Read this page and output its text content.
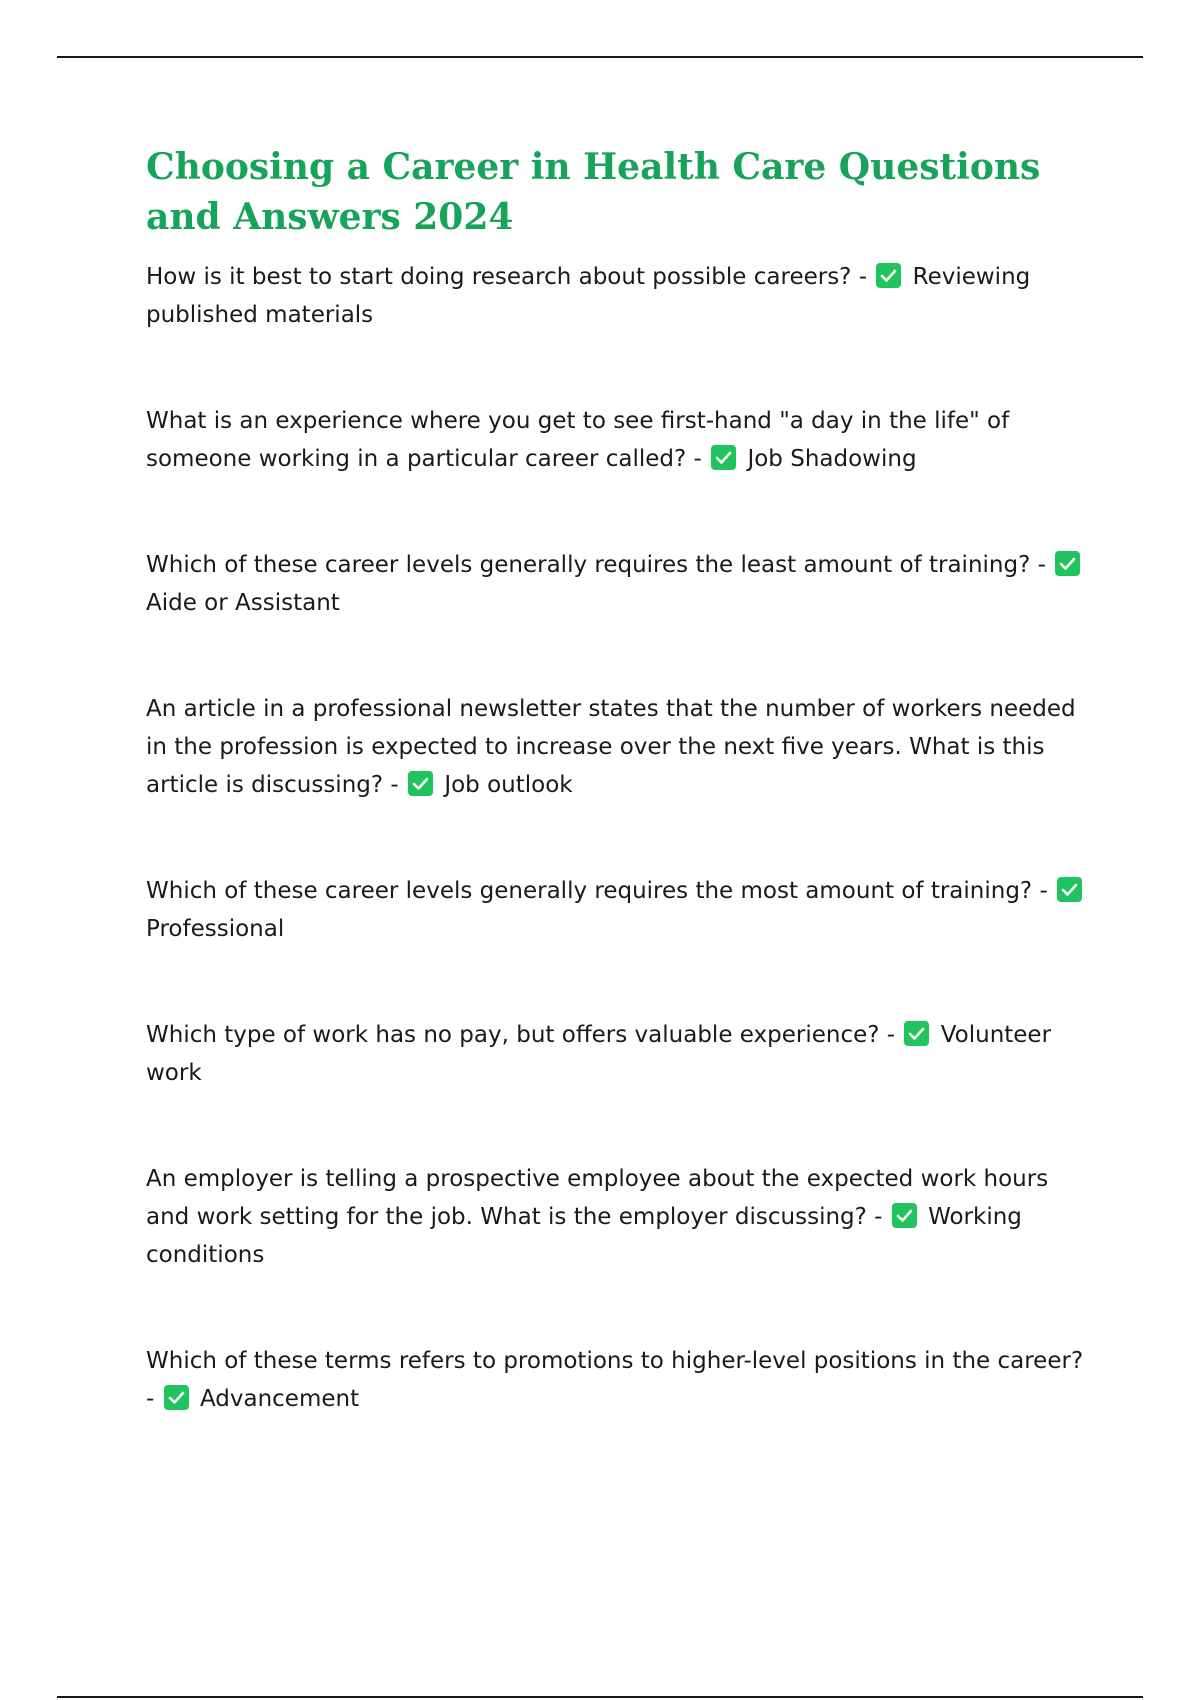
Choosing a Career in Health Care Questions and Answers 2024

How is it best to start doing research about possible careers? - Reviewing published materials

What is an experience where you get to see first-hand "a day in the life" of someone working in a particular career called? - Job Shadowing

Which of these career levels generally requires the least amount of training? -
Aide or Assistant

An article in a professional newsletter states that the number of workers needed in the profession is expected to increase over the next five years. What is this article is discussing? - Job outlook

Which of these career levels generally requires the most amount of training? -
Professional

Which type of work has no pay, but offers valuable experience? - Volunteer work

An employer is telling a prospective employee about the expected work hours and work setting for the job. What is the employer discussing? - Working conditions

Which of these terms refers to promotions to higher-level positions in the career? - Advancement
